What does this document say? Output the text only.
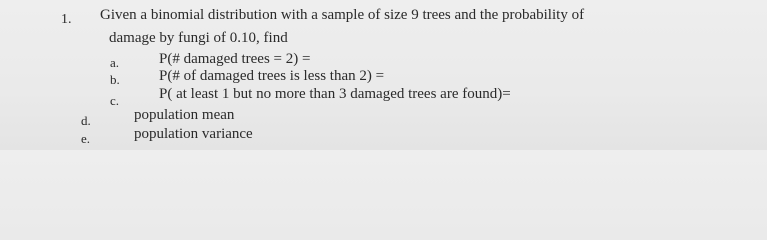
1. Given a binomial distribution with a sample of size 9 trees and the probability of
damage by fungi of 0.10, find
a.	P(# damaged trees = 2) =
b.	P(# of damaged trees is less than 2) =
c.	P( at least 1 but no more than 3 damaged trees are found)=
d.	population mean
e.	population variance
